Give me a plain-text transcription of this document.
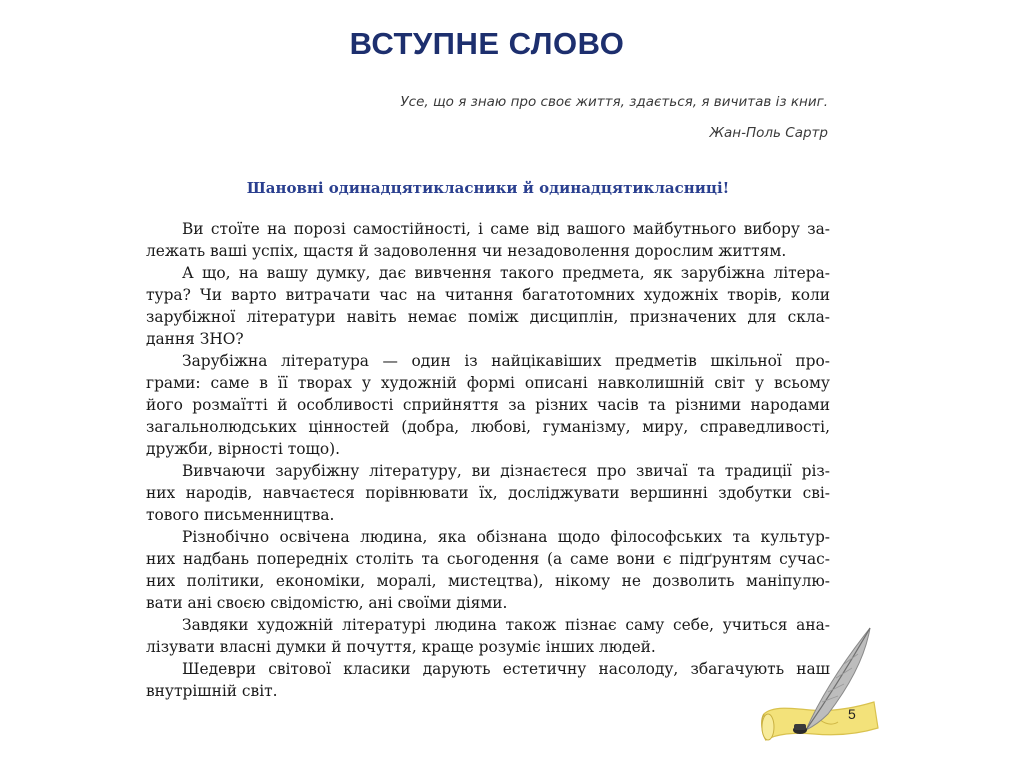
ВСТУПНЕ СЛОВО
Усе, що я знаю про своє життя, здається, я вичитав із книг.
Жан-Поль Сартр
Шановні одинадцятикласники й одинадцятикласниці!

Ви стоїте на порозі самостійності, і саме від вашого майбутнього вибору за-
лежать ваші успіх, щастя й задоволення чи незадоволення дорослим життям.

А що, на вашу думку, дає вивчення такого предмета, як зарубіжна літера-
тура? Чи варто витрачати час на читання багатотомних художніх творів, коли
зарубіжної літератури навіть немає поміж дисциплін, призначених для скла-
дання ЗНО?

Зарубіжна література — один із найцікавіших предметів шкільної про-
грами: саме в її творах у художній формі описані навколишній світ у всьому
його розмаїтті й особливості сприйняття за різних часів та різними народами
загальнолюдських цінностей (добра, любові, гуманізму, миру, справедливості,
дружби, вірності тощо).

Вивчаючи зарубіжну літературу, ви дізнаєтеся про звичаї та традиції різ-
них народів, навчаєтеся порівнювати їх, досліджувати вершинні здобутки сві-
тового письменництва.

Різнобічно освічена людина, яка обізнана щодо філософських та культур-
них надбань попередніх століть та сьогодення (а саме вони є підґрунтям сучас-
них політики, економіки, моралі, мистецтва), нікому не дозволить маніпулю-
вати ані своєю свідомістю, ані своїми діями.

Завдяки художній літературі людина також пізнає саму себе, учиться ана-
лізувати власні думки й почуття, краще розуміє інших людей.

Шедеври світової класики дарують естетичну насолоду, збагачують наш
внутрішній світ.

5
